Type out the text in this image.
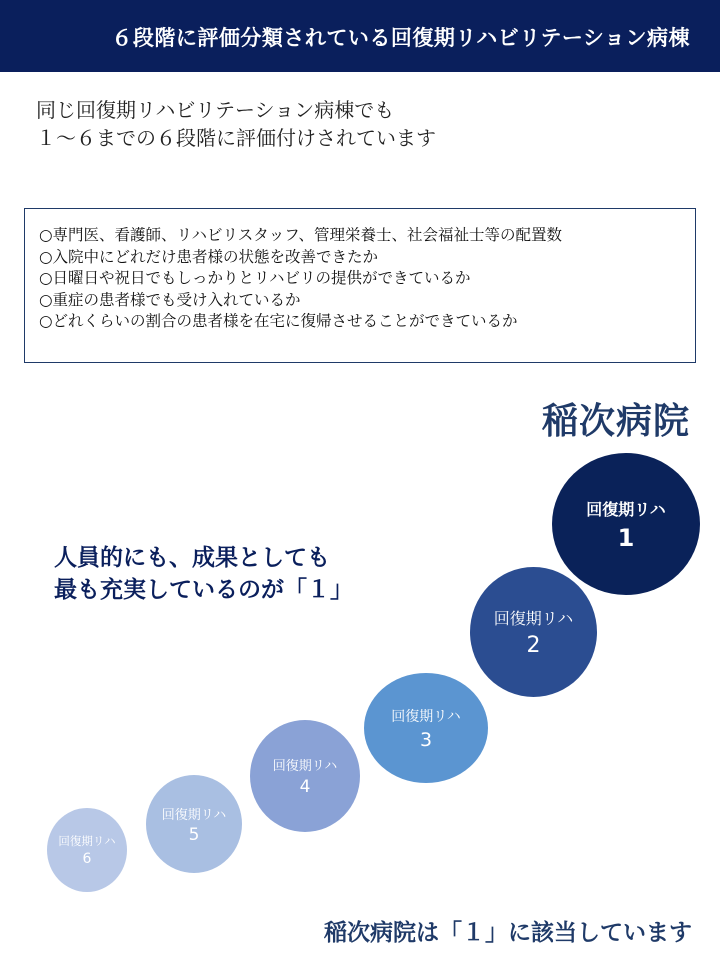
６段階に評価分類されている回復期リハビリテーション病棟
同じ回復期リハビリテーション病棟でも
１～６までの６段階に評価付けされています
○専門医、看護師、リハビリスタッフ、管理栄養士、社会福祉士等の配置数
○入院中にどれだけ患者様の状態を改善できたか
○日曜日や祝日でもしっかりとリハビリの提供ができているか
○重症の患者様でも受け入れているか
○どれくらいの割合の患者様を在宅に復帰させることができているか
稲次病院
人員的にも、成果としても
最も充実しているのが「１」
回復期リハ
1
回復期リハ
2
回復期リハ
3
回復期リハ
4
回復期リハ
5
回復期リハ
6
稲次病院は「１」に該当しています
